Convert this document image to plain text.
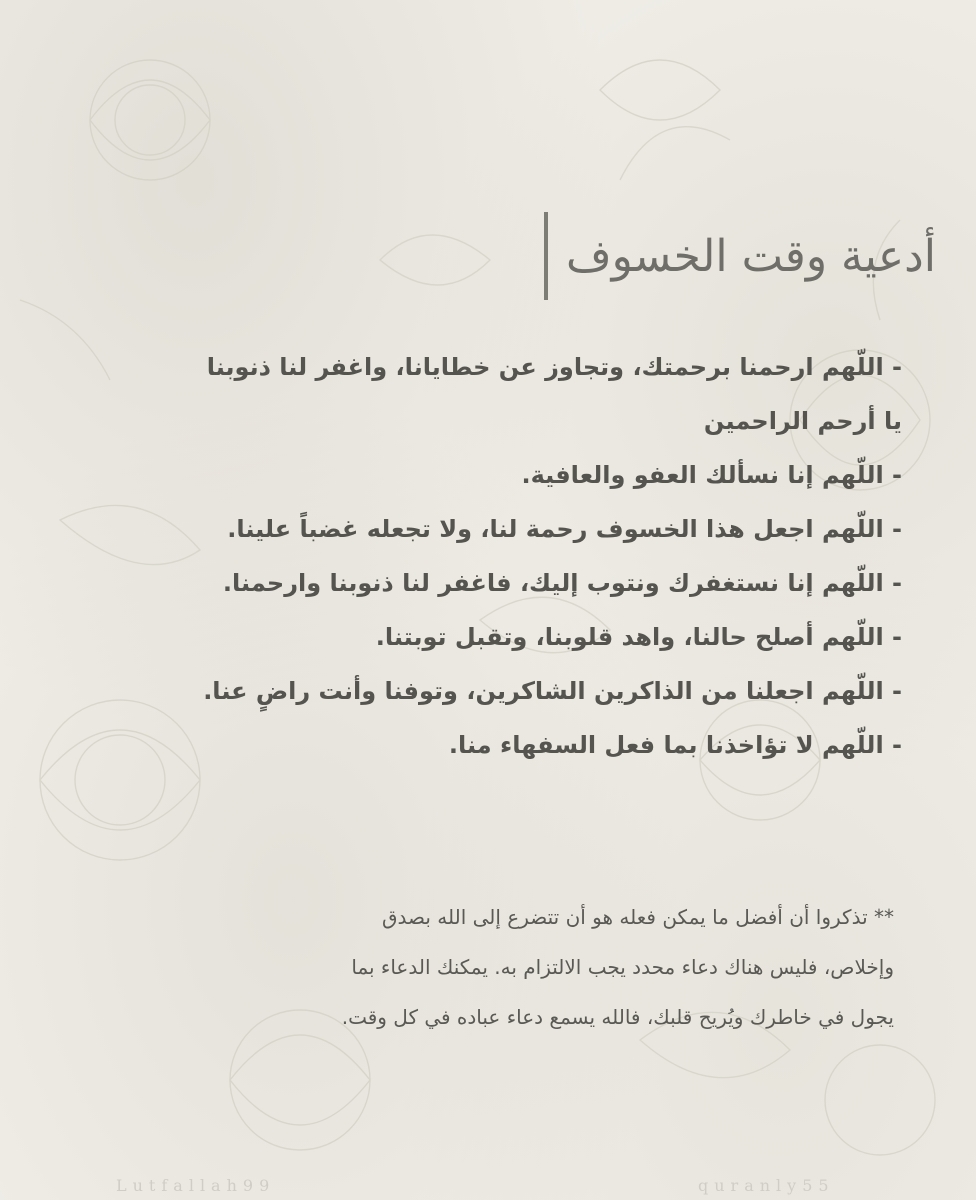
أدعية وقت الخسوف
- اللّهم ارحمنا برحمتك، وتجاوز عن خطايانا، واغفر لنا ذنوبنا
يا أرحم الراحمين
- اللّهم إنا نسألك العفو والعافية.
- اللّهم اجعل هذا الخسوف رحمة لنا، ولا تجعله غضباً علينا.
- اللّهم إنا نستغفرك ونتوب إليك، فاغفر لنا ذنوبنا وارحمنا.
- اللّهم أصلح حالنا، واهد قلوبنا، وتقبل توبتنا.
- اللّهم اجعلنا من الذاكرين الشاكرين، وتوفنا وأنت راضٍ عنا.
- اللّهم لا تؤاخذنا بما فعل السفهاء منا.

** تذكروا أن أفضل ما يمكن فعله هو أن تتضرع إلى الله بصدق

وإخلاص، فليس هناك دعاء محدد يجب الالتزام به. يمكنك الدعاء بما

يجول في خاطرك ويُريح قلبك، فالله يسمع دعاء عباده في كل وقت.

Lutfallah99	quranly55
